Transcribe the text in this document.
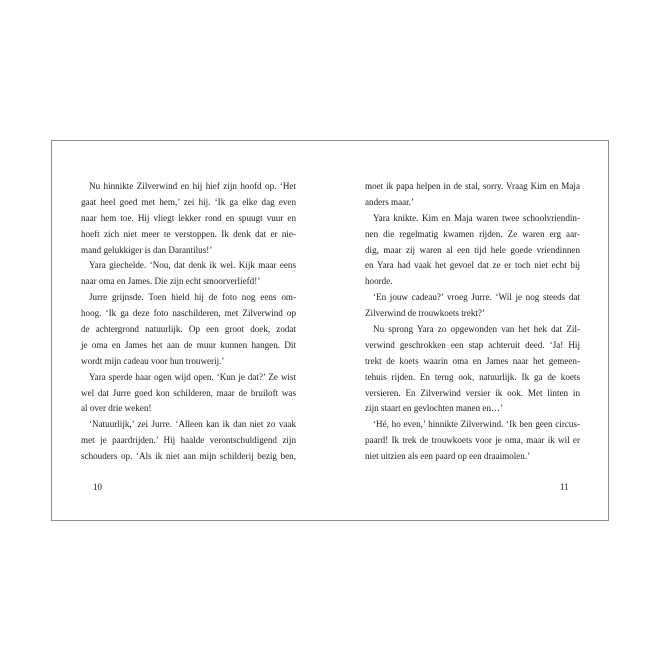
Nu hinnikte Zilverwind en hij hief zijn hoofd op. ‘Het
gaat heel goed met hem,’ zei hij. ‘Ik ga elke dag even
naar hem toe. Hij vliegt lekker rond en spuugt vuur en
hoeft zich niet meer te verstoppen. Ik denk dat er nie-
mand gelukkiger is dan Darantilus!’
Yara giechelde. ‘Nou, dat denk ik wel. Kijk maar eens
naar oma en James. Die zijn echt smoorverliefd!’
Jurre grijnsde. Toen hield hij de foto nog eens om-
hoog. ‘Ik ga deze foto naschilderen, met Zilverwind op
de achtergrond natuurlijk. Op een groot doek, zodat
je oma en James het aan de muur kunnen hangen. Dit
wordt mijn cadeau voor hun trouwerij.’
Yara sperde haar ogen wijd open. ‘Kun je dat?’ Ze wist
wel dat Jurre goed kon schilderen, maar de bruiloft was
al over drie weken!
‘Natuurlijk,’ zei Jurre. ‘Alleen kan ik dan niet zo vaak
met je paardrijden.’ Hij haalde verontschuldigend zijn
schouders op. ‘Als ik niet aan mijn schilderij bezig ben,
moet ik papa helpen in de stal, sorry. Vraag Kim en Maja
anders maar.’
Yara knikte. Kim en Maja waren twee schoolvriendin-
nen die regelmatig kwamen rijden. Ze waren erg aar-
dig, maar zij waren al een tijd hele goede vriendinnen
en Yara had vaak het gevoel dat ze er toch niet echt bij
hoorde.
‘En jouw cadeau?’ vroeg Jurre. ‘Wil je nog steeds dat
Zilverwind de trouwkoets trekt?’
Nu sprong Yara zo opgewonden van het hek dat Zil-
verwind geschrokken een stap achteruit deed. ‘Ja! Hij
trekt de koets waarin oma en James naar het gemeen-
tehuis rijden. En terug ook, natuurlijk. Ik ga de koets
versieren. En Zilverwind versier ik ook. Met linten in
zijn staart en gevlochten manen en…’
‘Hé, ho even,’ hinnikte Zilverwind. ‘Ik ben geen circus-
paard! Ik trek de trouwkoets voor je oma, maar ik wil er
niet uitzien als een paard op een draaimolen.’
10	11
